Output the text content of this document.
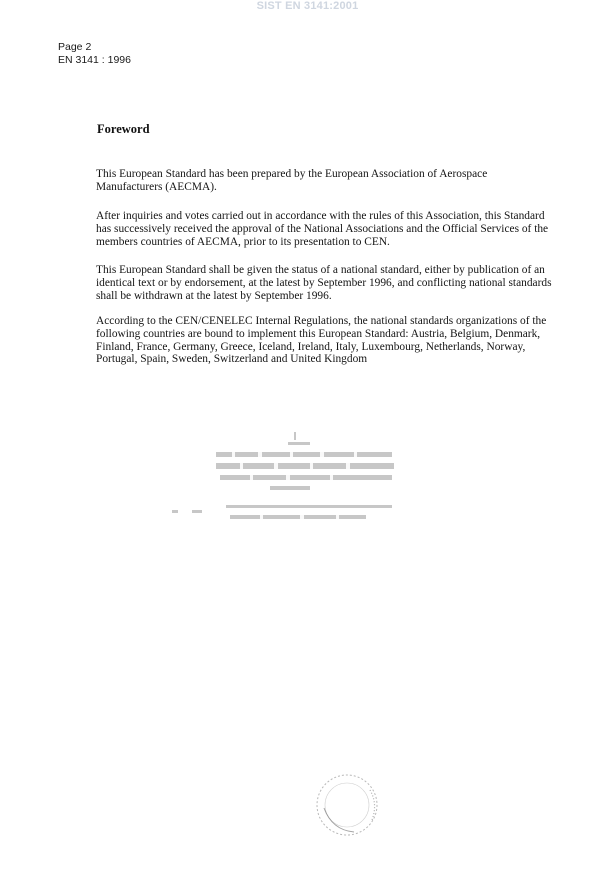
SIST EN 3141:2001
Page 2
EN 3141 : 1996
Foreword
This European Standard has been prepared by the European Association of Aerospace Manufacturers (AECMA).
After inquiries and votes carried out in accordance with the rules of this Association, this Standard has successively received the approval of the National Associations and the Official Services of the members countries of AECMA, prior to its presentation to CEN.
This European Standard shall be given the status of a national standard, either by publication of an identical text or by endorsement, at the latest by September 1996, and conflicting national standards shall be withdrawn at the latest by September 1996.
According to the CEN/CENELEC Internal Regulations, the national standards organizations of the following countries are bound to implement this European Standard: Austria, Belgium, Denmark, Finland, France, Germany, Greece, Iceland, Ireland, Italy, Luxembourg, Netherlands, Norway, Portugal, Spain, Sweden, Switzerland and United Kingdom
